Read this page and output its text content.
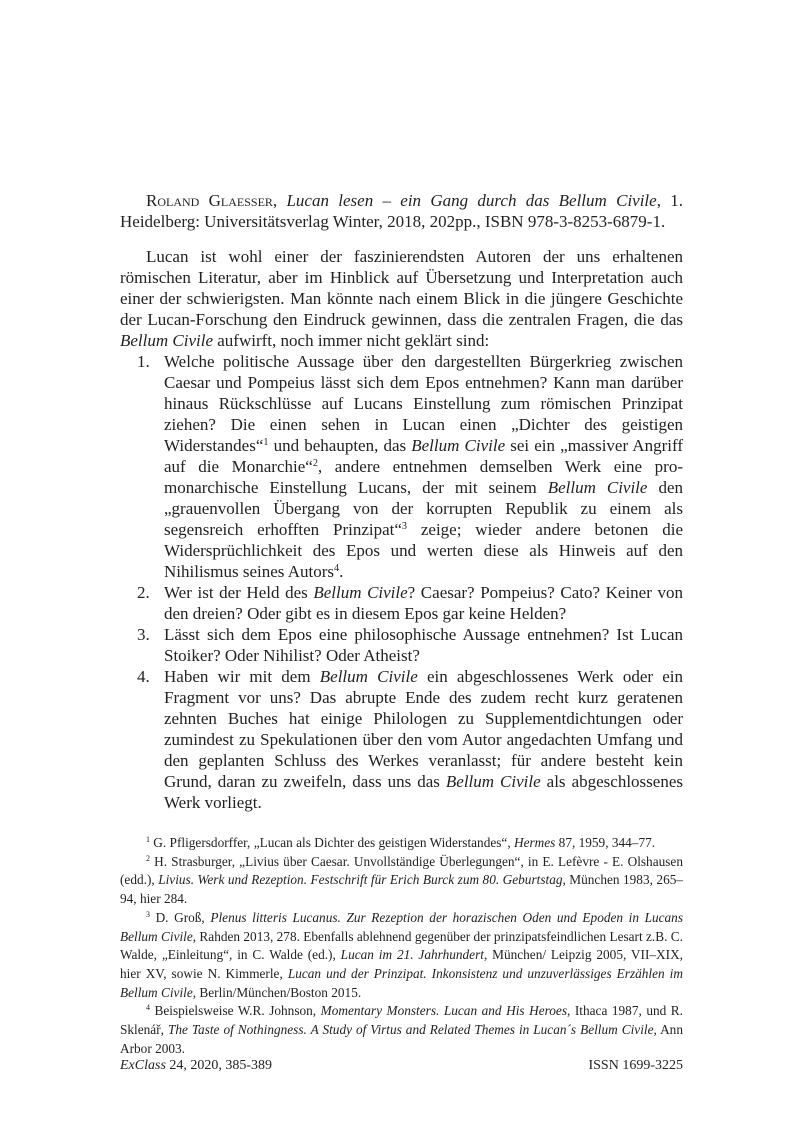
Roland Glaesser, Lucan lesen – ein Gang durch das Bellum Civile, 1. Heidelberg: Universitätsverlag Winter, 2018, 202pp., ISBN 978-3-8253-6879-1.

Lucan ist wohl einer der faszinierendsten Autoren der uns erhaltenen römischen Literatur, aber im Hinblick auf Übersetzung und Interpretation auch einer der schwierigsten. Man könnte nach einem Blick in die jüngere Geschichte der Lucan-Forschung den Eindruck gewinnen, dass die zentralen Fragen, die das Bellum Civile aufwirft, noch immer nicht geklärt sind:

1. Welche politische Aussage über den dargestellten Bürgerkrieg zwischen Caesar und Pompeius lässt sich dem Epos entnehmen? Kann man darüber hinaus Rückschlüsse auf Lucans Einstellung zum römischen Prinzipat ziehen? Die einen sehen in Lucan einen „Dichter des geistigen Widerstandes“$^1$ und behaupten, das Bellum Civile sei ein „massiver Angriff auf die Monarchie“$^2$, andere entnehmen demselben Werk eine pro-monarchische Einstellung Lucans, der mit seinem Bellum Civile den „grauenvollen Übergang von der korrupten Republik zu einem als segensreich erhofften Prinzipat“$^3$ zeige; wieder andere betonen die Widersprüchlichkeit des Epos und werten diese als Hinweis auf den Nihilismus seines Autors$^4$.
2. Wer ist der Held des Bellum Civile? Caesar? Pompeius? Cato? Keiner von den dreien? Oder gibt es in diesem Epos gar keine Helden?
3. Lässt sich dem Epos eine philosophische Aussage entnehmen? Ist Lucan Stoiker? Oder Nihilist? Oder Atheist?
4. Haben wir mit dem Bellum Civile ein abgeschlossenes Werk oder ein Fragment vor uns? Das abrupte Ende des zudem recht kurz geratenen zehnten Buches hat einige Philologen zu Supplementdichtungen oder zumindest zu Spekulationen über den vom Autor angedachten Umfang und den geplanten Schluss des Werkes veranlasst; für andere besteht kein Grund, daran zu zweifeln, dass uns das Bellum Civile als abgeschlossenes Werk vorliegt.

$^1$ G. Pfligersdorffer, „Lucan als Dichter des geistigen Widerstandes“, Hermes 87, 1959, 344–77.

$^2$ H. Strasburger, „Livius über Caesar. Unvollständige Überlegungen“, in E. Lefèvre - E. Olshausen (edd.), Livius. Werk und Rezeption. Festschrift für Erich Burck zum 80. Geburtstag, München 1983, 265–94, hier 284.

$^3$ D. Groß, Plenus litteris Lucanus. Zur Rezeption der horazischen Oden und Epoden in Lucans Bellum Civile, Rahden 2013, 278. Ebenfalls ablehnend gegenüber der prinzipatsfeindlichen Lesart z.B. C. Walde, „Einleitung“, in C. Walde (ed.), Lucan im 21. Jahrhundert, München/ Leipzig 2005, VII–XIX, hier XV, sowie N. Kimmerle, Lucan und der Prinzipat. Inkonsistenz und unzuverlässiges Erzählen im Bellum Civile, Berlin/München/Boston 2015.

$^4$ Beispielsweise W.R. Johnson, Momentary Monsters. Lucan and His Heroes, Ithaca 1987, und R. Sklenář, The Taste of Nothingness. A Study of Virtus and Related Themes in Lucan´s Bellum Civile, Ann Arbor 2003.

ExClass 24, 2020, 385-389	ISSN 1699-3225
